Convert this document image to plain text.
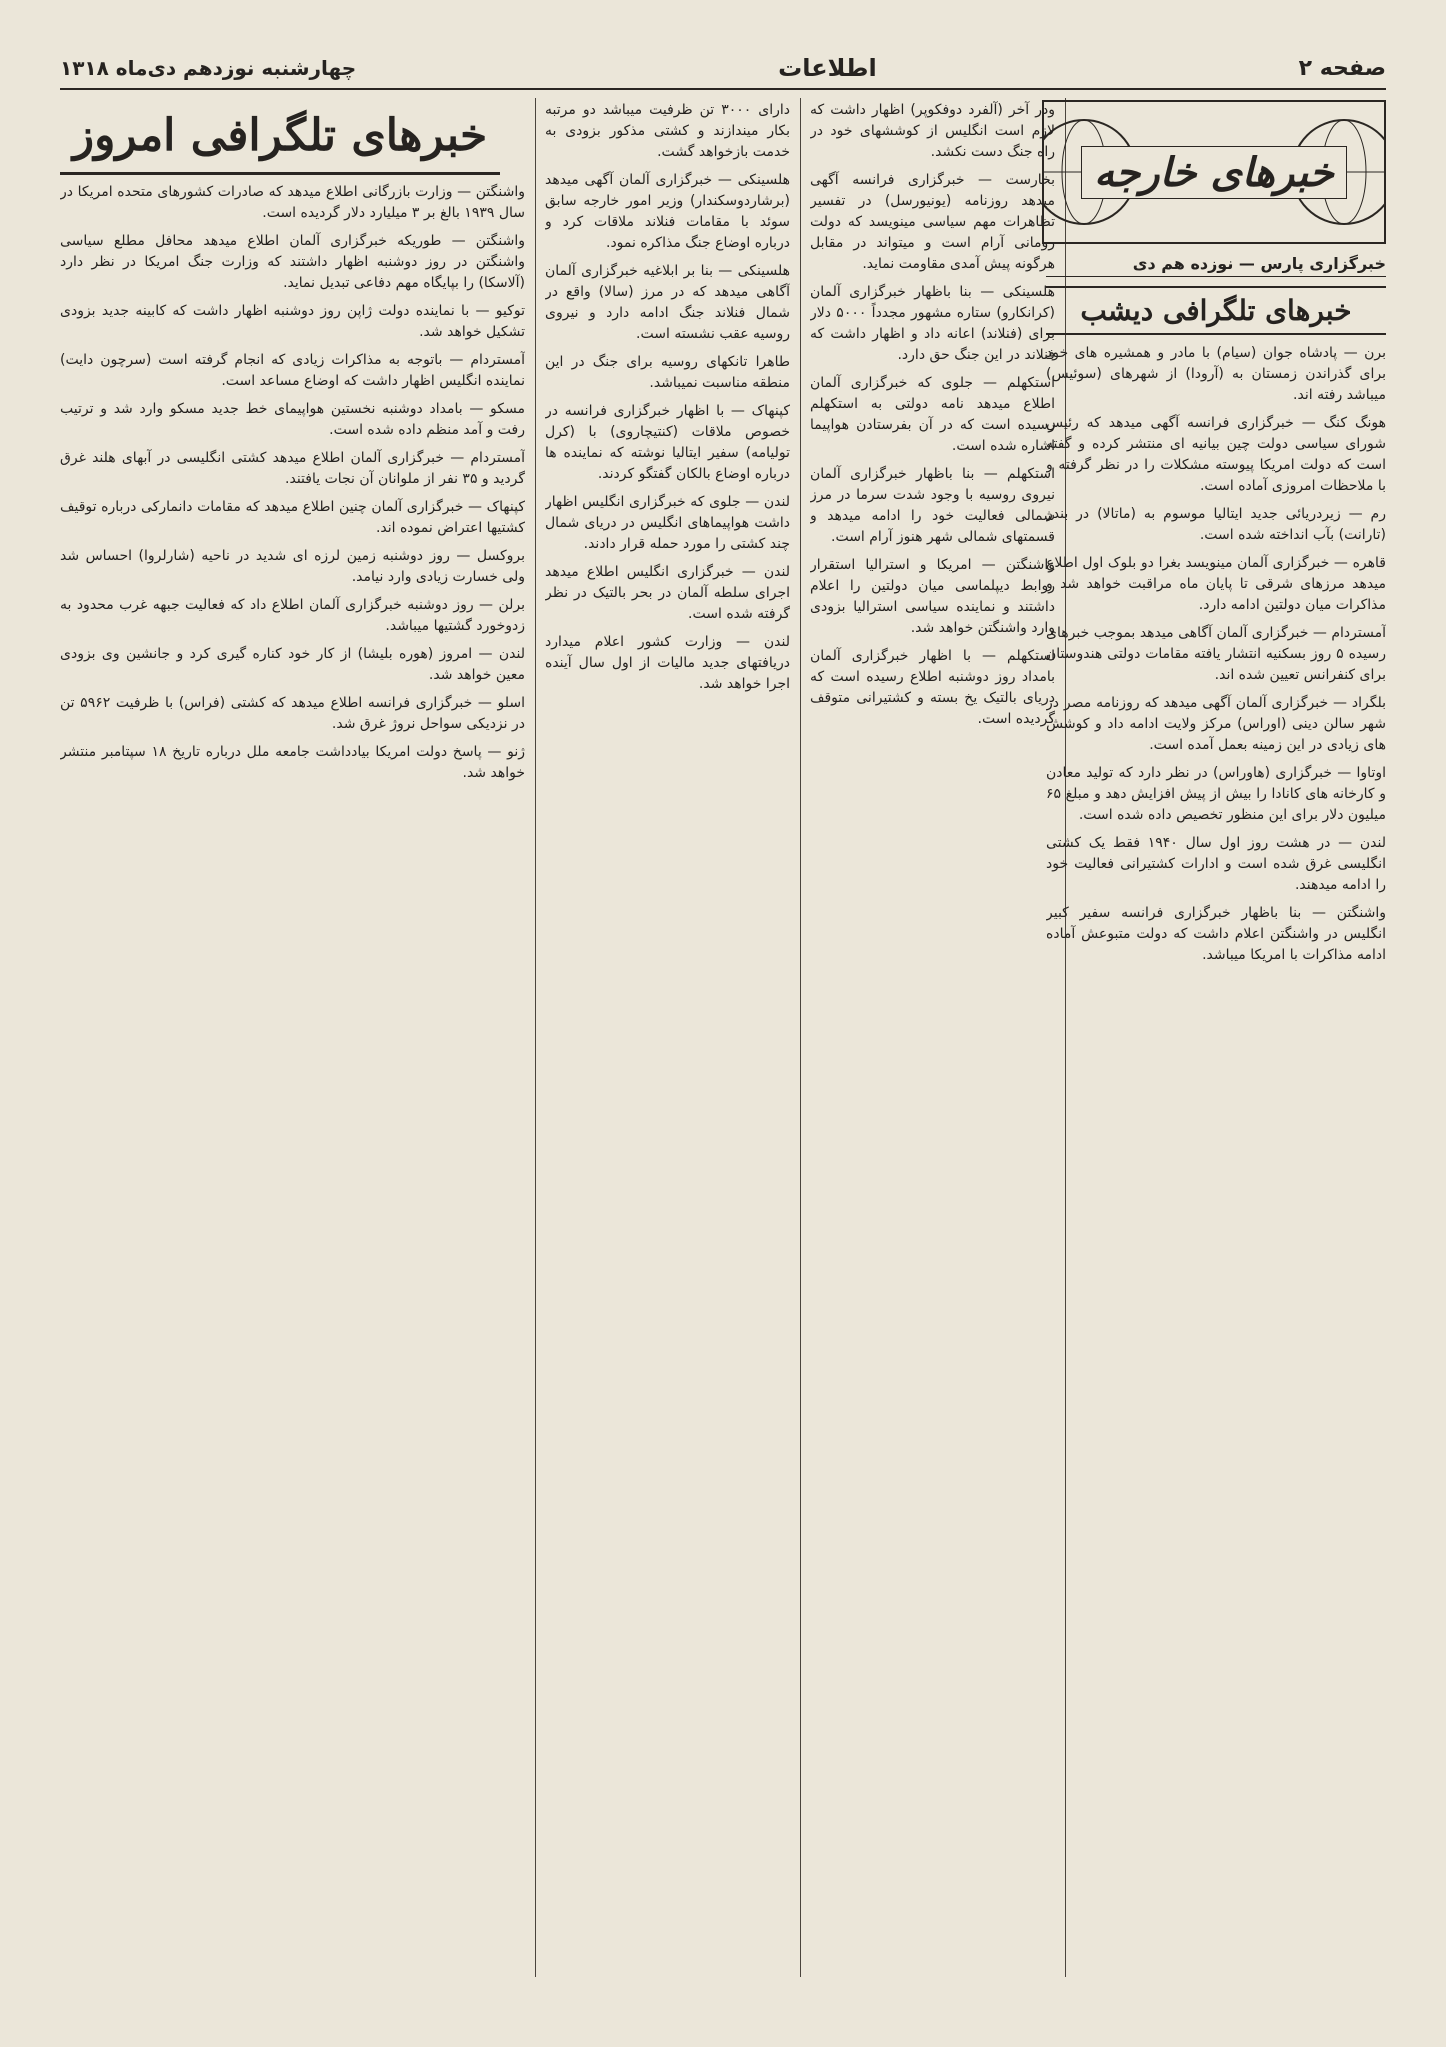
صفحه ۲
اطلاعات
چهارشنبه نوزدهم دی‌ماه ۱۳۱۸
خبرهای خارجه
خبرگزاری پارس — نوزده هم دی
خبرهای تلگرافی دیشب

برن — پادشاه جوان (سیام) با مادر و همشیره های خود برای گذراندن زمستان به (آرودا) از شهرهای (سوئیس) میباشد رفته اند.

هونگ کنگ — خبرگزاری فرانسه آگهی میدهد که رئیس شورای سیاسی دولت چین بیانیه ای منتشر کرده و گفته است که دولت امریکا پیوسته مشکلات را در نظر گرفته و با ملاحظات امروزی آماده است.

رم — زیردریائی جدید ایتالیا موسوم به (ماتالا) در بندر (تارانت) بآب انداخته شده است.

قاهره — خبرگزاری آلمان مینویسد بغرا دو بلوک اول اطلاع میدهد مرزهای شرقی تا پایان ماه مراقبت خواهد شد و مذاکرات میان دولتین ادامه دارد.

آمستردام — خبرگزاری آلمان آگاهی میدهد بموجب خبرهای رسیده ۵ روز بسکنیه انتشار یافته مقامات دولتی هندوستان برای کنفرانس تعیین شده اند.

بلگراد — خبرگزاری آلمان آگهی میدهد که روزنامه مصر در شهر سالن دینی (اوراس) مرکز ولایت ادامه داد و کوشش های زیادی در این زمینه بعمل آمده است.

اوتاوا — خبرگزاری (هاوراس) در نظر دارد که تولید معادن و کارخانه های کانادا را بیش از پیش افزایش دهد و مبلغ ۶۵ میلیون دلار برای این منظور تخصیص داده شده است.

لندن — در هشت روز اول سال ۱۹۴۰ فقط یک کشتی انگلیسی غرق شده است و ادارات کشتیرانی فعالیت خود را ادامه میدهند.

واشنگتن — بنا باظهار خبرگزاری فرانسه سفیر کبیر انگلیس در واشنگتن اعلام داشت که دولت متبوعش آماده ادامه مذاکرات با امریکا میباشد.

ودر آخر (آلفرد دوفکوپر) اظهار داشت که لازم است انگلیس از کوششهای خود در راه جنگ دست نکشد.

بخارست — خبرگزاری فرانسه آگهی میدهد روزنامه (یونیورسل) در تفسیر تظاهرات مهم سیاسی مینویسد که دولت رومانی آرام است و میتواند در مقابل هرگونه پیش آمدی مقاومت نماید.

هلسینکی — بنا باظهار خبرگزاری آلمان (کرانکارو) ستاره مشهور مجدداً ۵۰۰۰ دلار برای (فنلاند) اعانه داد و اظهار داشت که فنلاند در این جنگ حق دارد.

استکهلم — جلوی که خبرگزاری آلمان اطلاع میدهد نامه دولتی به استکهلم رسیده است که در آن بفرستادن هواپیما اشاره شده است.

استکهلم — بنا باظهار خبرگزاری آلمان نیروی روسیه با وجود شدت سرما در مرز شمالی فعالیت خود را ادامه میدهد و قسمتهای شمالی شهر هنوز آرام است.

واشنگتن — امریکا و استرالیا استقرار روابط دیپلماسی میان دولتین را اعلام داشتند و نماینده سیاسی استرالیا بزودی وارد واشنگتن خواهد شد.

استکهلم — با اظهار خبرگزاری آلمان بامداد روز دوشنبه اطلاع رسیده است که دریای بالتیک یخ بسته و کشتیرانی متوقف گردیده است.

دارای ۳۰۰۰ تن ظرفیت میباشد دو مرتبه بکار میندازند و کشتی مذکور بزودی به خدمت بازخواهد گشت.

هلسینکی — خبرگزاری آلمان آگهی میدهد (برشاردوسکندار) وزیر امور خارجه سابق سوئد با مقامات فنلاند ملاقات کرد و درباره اوضاع جنگ مذاکره نمود.

هلسینکی — بنا بر ابلاغیه خبرگزاری آلمان آگاهی میدهد که در مرز (سالا) واقع در شمال فنلاند جنگ ادامه دارد و نیروی روسیه عقب نشسته است.

طاهرا تانکهای روسیه برای جنگ در این منطقه مناسبت نمیباشد.

کپنهاک — با اظهار خبرگزاری فرانسه در خصوص ملاقات (کنتیچاروی) با (کرل تولیامه) سفیر ایتالیا نوشته که نماینده ها درباره اوضاع بالکان گفتگو کردند.

لندن — جلوی که خبرگزاری انگلیس اظهار داشت هواپیماهای انگلیس در دریای شمال چند کشتی را مورد حمله قرار دادند.

لندن — خبرگزاری انگلیس اطلاع میدهد اجرای سلطه آلمان در بحر بالتیک در نظر گرفته شده است.

لندن — وزارت کشور اعلام میدارد دریافتهای جدید مالیات از اول سال آینده اجرا خواهد شد.

خبرهای تلگرافی امروز

واشنگتن — وزارت بازرگانی اطلاع میدهد که صادرات کشورهای متحده امریکا در سال ۱۹۳۹ بالغ بر ۳ میلیارد دلار گردیده است.

واشنگتن — طوریکه خبرگزاری آلمان اطلاع میدهد محافل مطلع سیاسی واشنگتن در روز دوشنبه اظهار داشتند که وزارت جنگ امریکا در نظر دارد (آلاسکا) را بپایگاه مهم دفاعی تبدیل نماید.

توکیو — با نماینده دولت ژاپن روز دوشنبه اظهار داشت که کابینه جدید بزودی تشکیل خواهد شد.

آمستردام — باتوجه به مذاکرات زیادی که انجام گرفته است (سرچون دایت) نماینده انگلیس اظهار داشت که اوضاع مساعد است.

مسکو — بامداد دوشنبه نخستین هواپیمای خط جدید مسکو وارد شد و ترتیب رفت و آمد منظم داده شده است.

آمستردام — خبرگزاری آلمان اطلاع میدهد کشتی انگلیسی در آبهای هلند غرق گردید و ۳۵ نفر از ملوانان آن نجات یافتند.

کپنهاک — خبرگزاری آلمان چنین اطلاع میدهد که مقامات دانمارکی درباره توقیف کشتیها اعتراض نموده اند.

بروکسل — روز دوشنبه زمین لرزه ای شدید در ناحیه (شارلروا) احساس شد ولی خسارت زیادی وارد نیامد.

برلن — روز دوشنبه خبرگزاری آلمان اطلاع داد که فعالیت جبهه غرب محدود به زدوخورد گشتیها میباشد.

لندن — امروز (هوره بلیشا) از کار خود کناره گیری کرد و جانشین وی بزودی معین خواهد شد.

اسلو — خبرگزاری فرانسه اطلاع میدهد که کشتی (فراس) با ظرفیت ۵۹۶۲ تن در نزدیکی سواحل نروژ غرق شد.

ژنو — پاسخ دولت امریکا بیادداشت جامعه ملل درباره تاریخ ۱۸ سپتامبر منتشر خواهد شد.
